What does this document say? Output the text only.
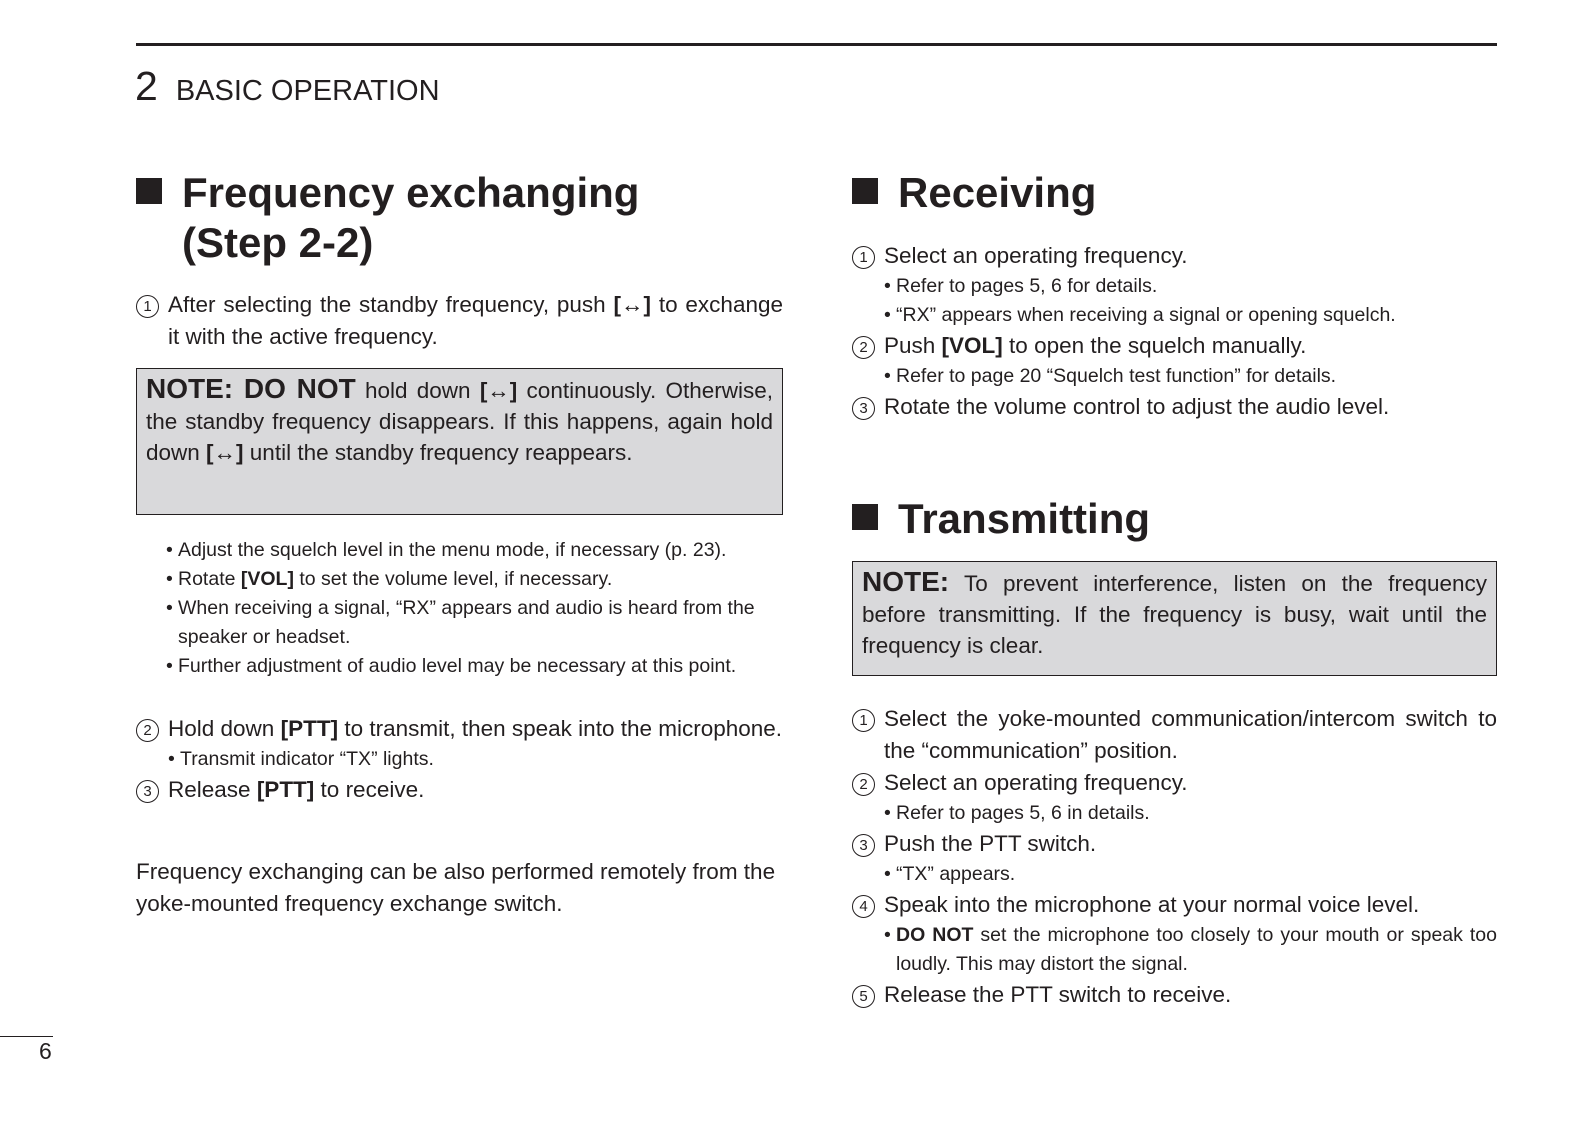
2 BASIC OPERATION
Frequency exchanging
(Step 2-2)
1 After selecting the standby frequency, push [↔] to exchange it with the active frequency.
NOTE: DO NOT hold down [↔] continuously. Otherwise, the standby frequency disappears. If this happens, again hold down [↔] until the standby frequency reappears.
• Adjust the squelch level in the menu mode, if necessary (p. 23).
• Rotate [VOL] to set the volume level, if necessary.
• When receiving a signal, “RX” appears and audio is heard from the speaker or headset.
• Further adjustment of audio level may be necessary at this point.
2 Hold down [PTT] to transmit, then speak into the microphone.
• Transmit indicator “TX” lights.
3 Release [PTT] to receive.
Frequency exchanging can be also performed remotely from the yoke-mounted frequency exchange switch.
Receiving
1 Select an operating frequency.
• Refer to pages 5, 6 for details.
• “RX” appears when receiving a signal or opening squelch.
2 Push [VOL] to open the squelch manually.
• Refer to page 20 “Squelch test function” for details.
3 Rotate the volume control to adjust the audio level.
Transmitting
NOTE: To prevent interference, listen on the frequency before transmitting. If the frequency is busy, wait until the frequency is clear.
1 Select the yoke-mounted communication/intercom switch to the “communication” position.
2 Select an operating frequency.
• Refer to pages 5, 6 in details.
3 Push the PTT switch.
• “TX” appears.
4 Speak into the microphone at your normal voice level.
• DO NOT set the microphone too closely to your mouth or speak too loudly. This may distort the signal.
5 Release the PTT switch to receive.
6
